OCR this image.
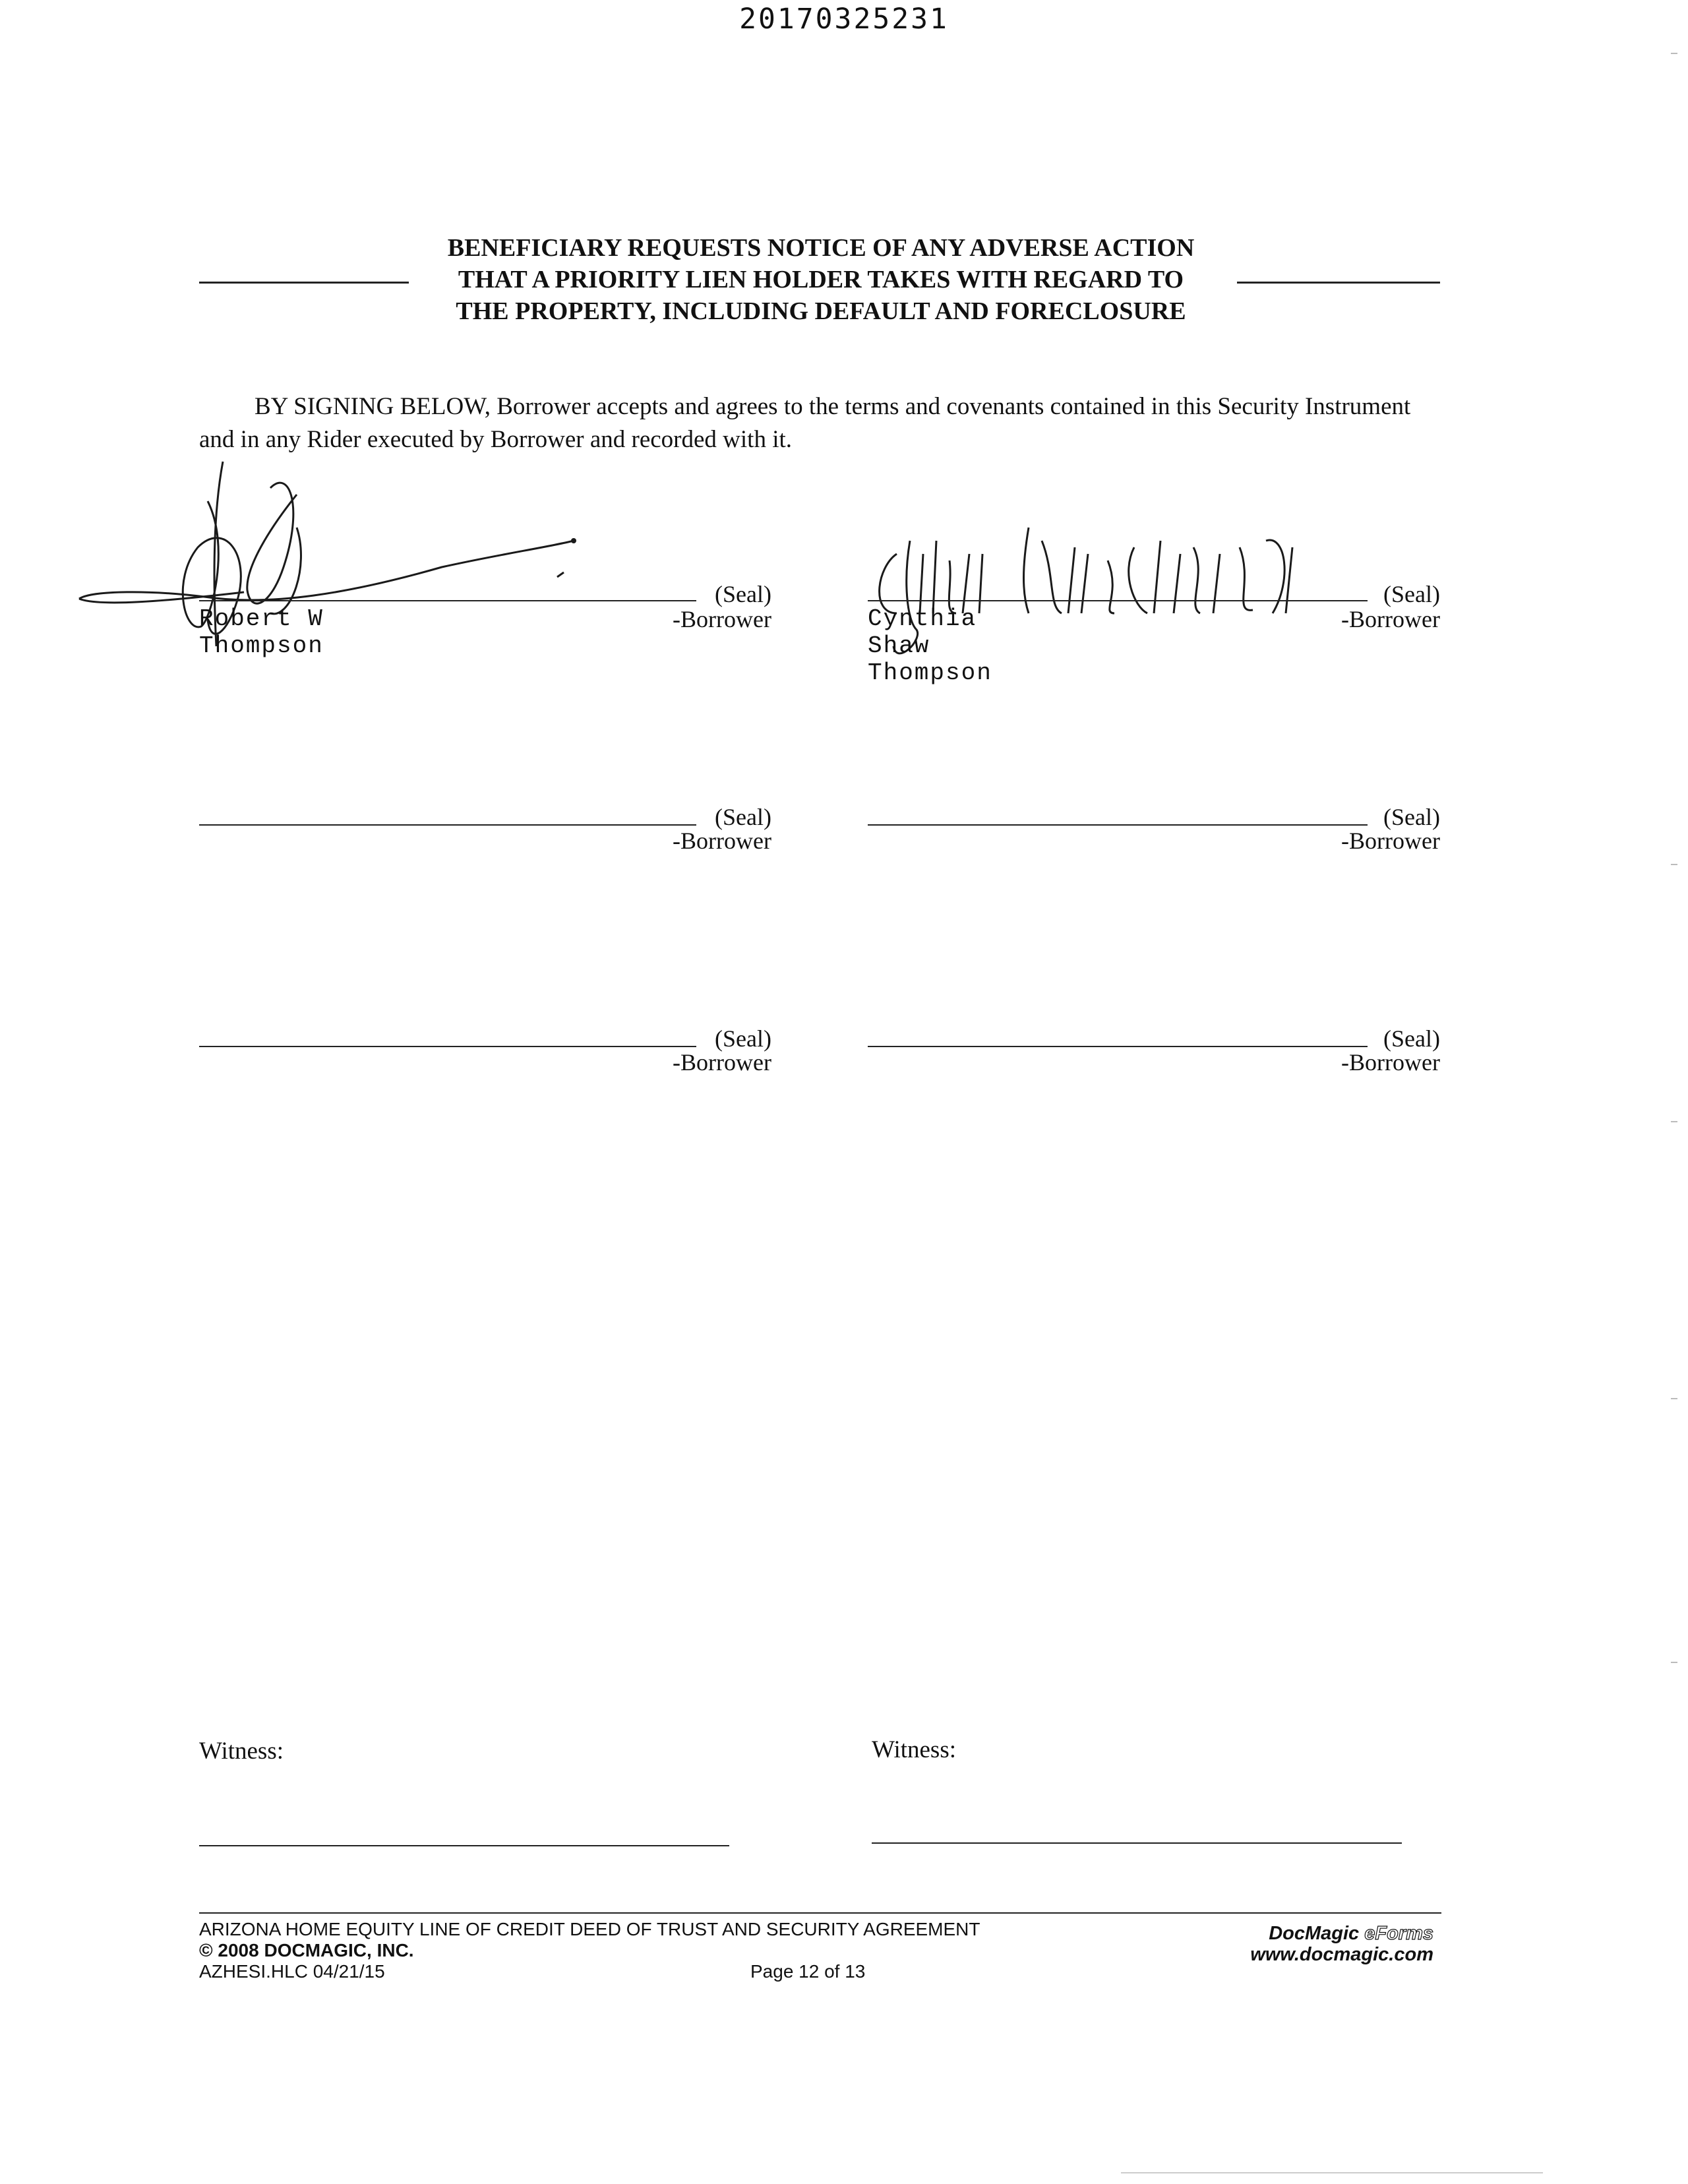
20170325231
BENEFICIARY REQUESTS NOTICE OF ANY ADVERSE ACTION
THAT A PRIORITY LIEN HOLDER TAKES WITH REGARD TO
THE PROPERTY, INCLUDING DEFAULT AND FORECLOSURE
BY SIGNING BELOW, Borrower accepts and agrees to the terms and covenants contained in this Security Instrument and in any Rider executed by Borrower and recorded with it.
(Seal)
-Borrower
Robert W Thompson
(Seal)
-Borrower
Cynthia Shaw Thompson
(Seal)
-Borrower
(Seal)
-Borrower
(Seal)
-Borrower
(Seal)
-Borrower
Witness:	Witness:
ARIZONA HOME EQUITY LINE OF CREDIT DEED OF TRUST AND SECURITY AGREEMENT
© 2008 DOCMAGIC, INC.
AZHESI.HLC 04/21/15	Page 12 of 13
DocMagic eForms
www.docmagic.com
